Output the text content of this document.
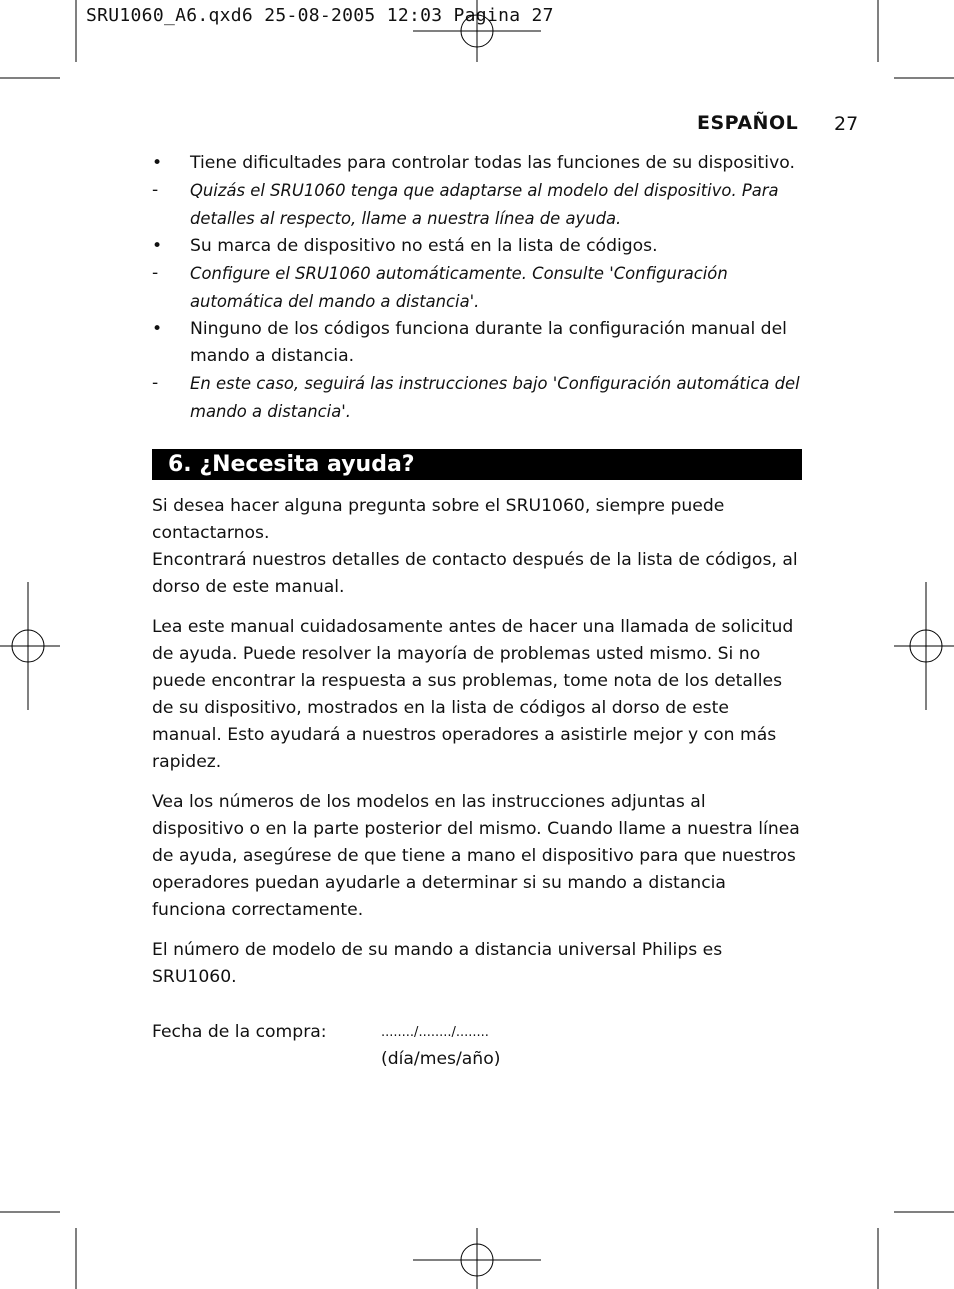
SRU1060_A6.qxd6 25-08-2005 12:03 Pagina 27
ESPAÑOL 27
•	Tiene dificultades para controlar todas las funciones de su dispositivo.
-	Quizás el SRU1060 tenga que adaptarse al modelo del dispositivo. Para detalles al respecto, llame a nuestra línea de ayuda.
•	Su marca de dispositivo no está en la lista de códigos.
-	Configure el SRU1060 automáticamente. Consulte 'Configuración automática del mando a distancia'.
•	Ninguno de los códigos funciona durante la configuración manual del mando a distancia.
-	En este caso, seguirá las instrucciones bajo 'Configuración automática del mando a distancia'.
6. ¿Necesita ayuda?

Si desea hacer alguna pregunta sobre el SRU1060, siempre puede contactarnos.

Encontrará nuestros detalles de contacto después de la lista de códigos, al dorso de este manual.

Lea este manual cuidadosamente antes de hacer una llamada de solicitud de ayuda. Puede resolver la mayoría de problemas usted mismo. Si no puede encontrar la respuesta a sus problemas, tome nota de los detalles de su dispositivo, mostrados en la lista de códigos al dorso de este manual. Esto ayudará a nuestros operadores a asistirle mejor y con más rapidez.

Vea los números de los modelos en las instrucciones adjuntas al dispositivo o en la parte posterior del mismo. Cuando llame a nuestra línea de ayuda, asegúrese de que tiene a mano el dispositivo para que nuestros operadores puedan ayudarle a determinar si su mando a distancia funciona correctamente.

El número de modelo de su mando a distancia universal Philips es SRU1060.

Fecha de la compra:	......../......../........
(día/mes/año)
